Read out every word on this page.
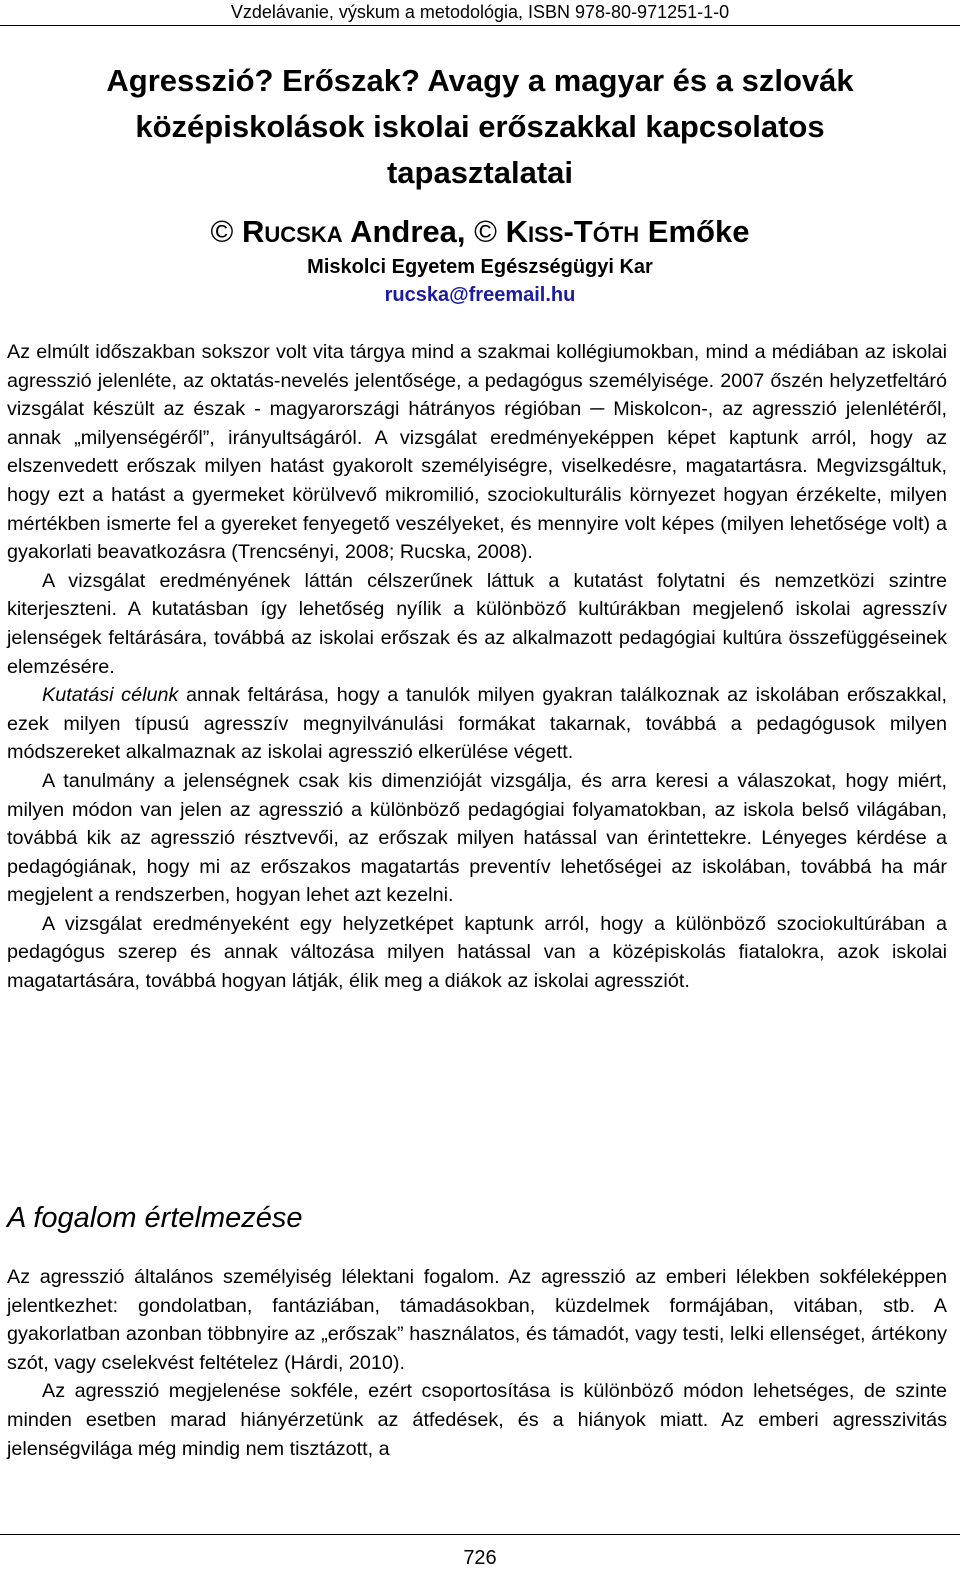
Vzdelávanie, výskum a metodológia, ISBN 978-80-971251-1-0
Agresszió? Erőszak? Avagy a magyar és a szlovák
középiskolások iskolai erőszakkal kapcsolatos
tapasztalatai
© Rucska Andrea, © Kiss-Tóth Emőke
Miskolci Egyetem Egészségügyi Kar
rucska@freemail.hu

Az elmúlt időszakban sokszor volt vita tárgya mind a szakmai kollégiumokban, mind a médiában az iskolai agresszió jelenléte, az oktatás-nevelés jelentősége, a pedagógus személyisége. 2007 őszén helyzetfeltáró vizsgálat készült az észak - magyarországi hátrányos régióban ─ Miskolcon-, az agresszió jelenlétéről, annak „milyenségéről”, irányultságáról. A vizsgálat eredményeképpen képet kaptunk arról, hogy az elszenvedett erőszak milyen hatást gyakorolt személyiségre, viselkedésre, magatartásra. Megvizsgáltuk, hogy ezt a hatást a gyermeket körülvevő mikromilió, szociokulturális környezet hogyan érzékelte, milyen mértékben ismerte fel a gyereket fenyegető veszélyeket, és mennyire volt képes (milyen lehetősége volt) a gyakorlati beavatkozásra (Trencsényi, 2008; Rucska, 2008).

A vizsgálat eredményének láttán célszerűnek láttuk a kutatást folytatni és nemzetközi szintre kiterjeszteni. A kutatásban így lehetőség nyílik a különböző kultúrákban megjelenő iskolai agresszív jelenségek feltárására, továbbá az iskolai erőszak és az alkalmazott pedagógiai kultúra összefüggéseinek elemzésére.

Kutatási célunk annak feltárása, hogy a tanulók milyen gyakran találkoznak az iskolában erőszakkal, ezek milyen típusú agresszív megnyilvánulási formákat takarnak, továbbá a pedagógusok milyen módszereket alkalmaznak az iskolai agresszió elkerülése végett.

A tanulmány a jelenségnek csak kis dimenzióját vizsgálja, és arra keresi a válaszokat, hogy miért, milyen módon van jelen az agresszió a különböző pedagógiai folyamatokban, az iskola belső világában, továbbá kik az agresszió résztvevői, az erőszak milyen hatással van érintettekre. Lényeges kérdése a pedagógiának, hogy mi az erőszakos magatartás preventív lehetőségei az iskolában, továbbá ha már megjelent a rendszerben, hogyan lehet azt kezelni.

A vizsgálat eredményeként egy helyzetképet kaptunk arról, hogy a különböző szociokultúrában a pedagógus szerep és annak változása milyen hatással van a középiskolás fiatalokra, azok iskolai magatartására, továbbá hogyan látják, élik meg a diákok az iskolai agressziót.

A fogalom értelmezése

Az agresszió általános személyiség lélektani fogalom. Az agresszió az emberi lélekben sokféleképpen jelentkezhet: gondolatban, fantáziában, támadásokban, küzdelmek formájában, vitában, stb. A gyakorlatban azonban többnyire az „erőszak” használatos, és támadót, vagy testi, lelki ellenséget, ártékony szót, vagy cselekvést feltételez (Hárdi, 2010).

Az agresszió megjelenése sokféle, ezért csoportosítása is különböző módon lehetséges, de szinte minden esetben marad hiányérzetünk az átfedések, és a hiányok miatt. Az emberi agresszivitás jelenségvilága még mindig nem tisztázott, a

726
